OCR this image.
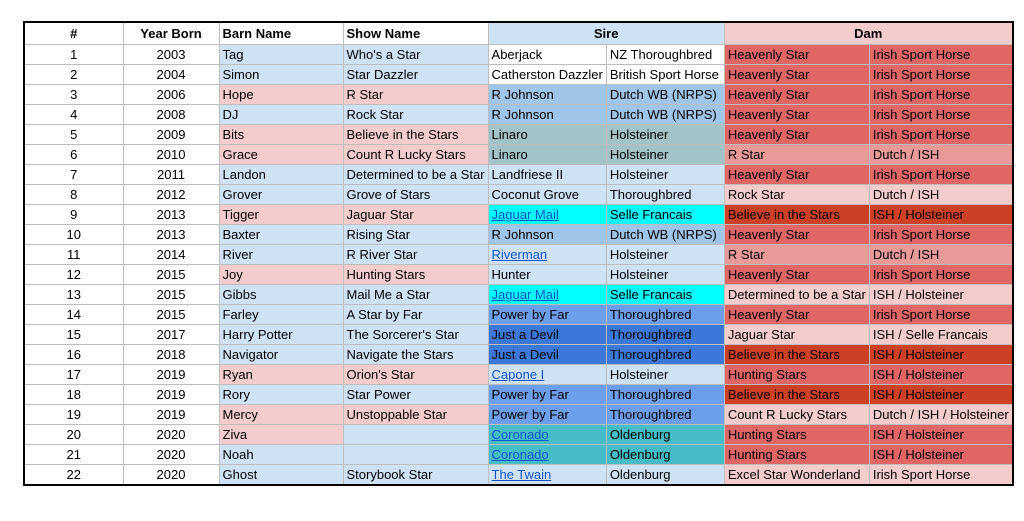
#	Year Born	Barn Name	Show Name	Sire		Dam	
1	2003	Tag	Who's a Star	Aberjack	NZ Thoroughbred	Heavenly Star	Irish Sport Horse
2	2004	Simon	Star Dazzler	Catherston Dazzler	British Sport Horse	Heavenly Star	Irish Sport Horse
3	2006	Hope	R Star	R Johnson	Dutch WB (NRPS)	Heavenly Star	Irish Sport Horse
4	2008	DJ	Rock Star	R Johnson	Dutch WB (NRPS)	Heavenly Star	Irish Sport Horse
5	2009	Bits	Believe in the Stars	Linaro	Holsteiner	Heavenly Star	Irish Sport Horse
6	2010	Grace	Count R Lucky Stars	Linaro	Holsteiner	R Star	Dutch / ISH
7	2011	Landon	Determined to be a Star	Landfriese II	Holsteiner	Heavenly Star	Irish Sport Horse
8	2012	Grover	Grove of Stars	Coconut Grove	Thoroughbred	Rock Star	Dutch / ISH
9	2013	Tigger	Jaguar Star	Jaguar Mail	Selle Francais	Believe in the Stars	ISH / Holsteiner
10	2013	Baxter	Rising Star	R Johnson	Dutch WB (NRPS)	Heavenly Star	Irish Sport Horse
11	2014	River	R River Star	Riverman	Holsteiner	R Star	Dutch / ISH
12	2015	Joy	Hunting Stars	Hunter	Holsteiner	Heavenly Star	Irish Sport Horse
13	2015	Gibbs	Mail Me a Star	Jaguar Mail	Selle Francais	Determined to be a Star	ISH / Holsteiner
14	2015	Farley	A Star by Far	Power by Far	Thoroughbred	Heavenly Star	Irish Sport Horse
15	2017	Harry Potter	The Sorcerer's Star	Just a Devil	Thoroughbred	Jaguar Star	ISH / Selle Francais
16	2018	Navigator	Navigate the Stars	Just a Devil	Thoroughbred	Believe in the Stars	ISH / Holsteiner
17	2019	Ryan	Orion's Star	Capone I	Holsteiner	Hunting Stars	ISH / Holsteiner
18	2019	Rory	Star Power	Power by Far	Thoroughbred	Believe in the Stars	ISH / Holsteiner
19	2019	Mercy	Unstoppable Star	Power by Far	Thoroughbred	Count R Lucky Stars	Dutch / ISH / Holsteiner
20	2020	Ziva		Coronado	Oldenburg	Hunting Stars	ISH / Holsteiner
21	2020	Noah		Coronado	Oldenburg	Hunting Stars	ISH / Holsteiner
22	2020	Ghost	Storybook Star	The Twain	Oldenburg	Excel Star Wonderland	Irish Sport Horse
